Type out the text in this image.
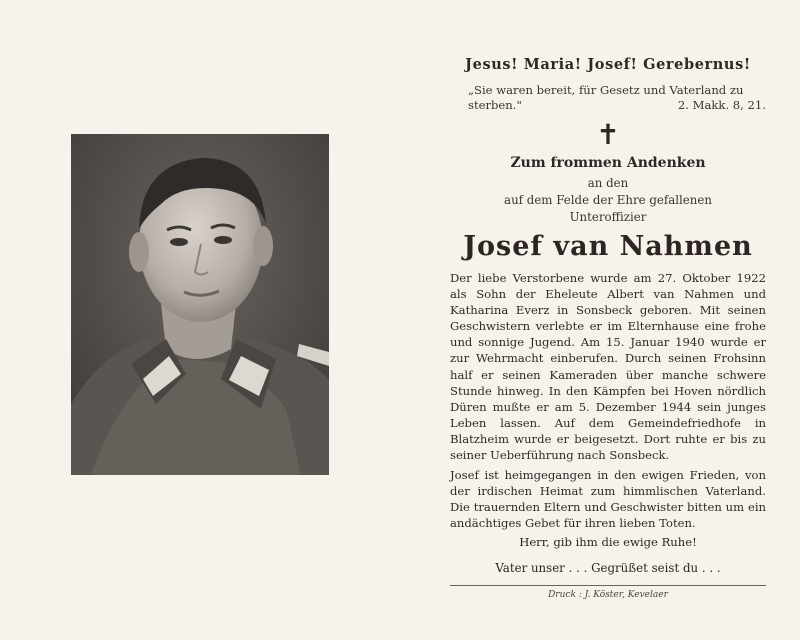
Jesus! Maria! Josef! Gerebernus!

„Sie waren bereit, für Gesetz und Vaterland zu
sterben."	2. Makk. 8, 21.
✝

Zum frommen Andenken

an den

auf dem Felde der Ehre gefallenen

Unteroffizier

Josef van Nahmen

Der liebe Verstorbene wurde am 27. Oktober 1922 als Sohn der Eheleute Albert van Nahmen und Katharina Everz in Sonsbeck geboren. Mit seinen Geschwistern verlebte er im Elternhause eine frohe und sonnige Jugend. Am 15. Januar 1940 wurde er zur Wehrmacht einberufen. Durch seinen Frohsinn half er seinen Kameraden über manche schwere Stunde hinweg. In den Kämpfen bei Hoven nördlich Düren mußte er am 5. Dezember 1944 sein junges Leben lassen. Auf dem Gemeindefriedhofe in Blatzheim wurde er beigesetzt. Dort ruhte er bis zu seiner Ueberführung nach Sonsbeck.

Josef ist heimgegangen in den ewigen Frieden, von der irdischen Heimat zum himmlischen Vaterland. Die trauernden Eltern und Geschwister bitten um ein andächtiges Gebet für ihren lieben Toten.

Herr, gib ihm die ewige Ruhe!

Vater unser . . . Gegrüßet seist du . . .

Druck : J. Köster, Kevelaer
